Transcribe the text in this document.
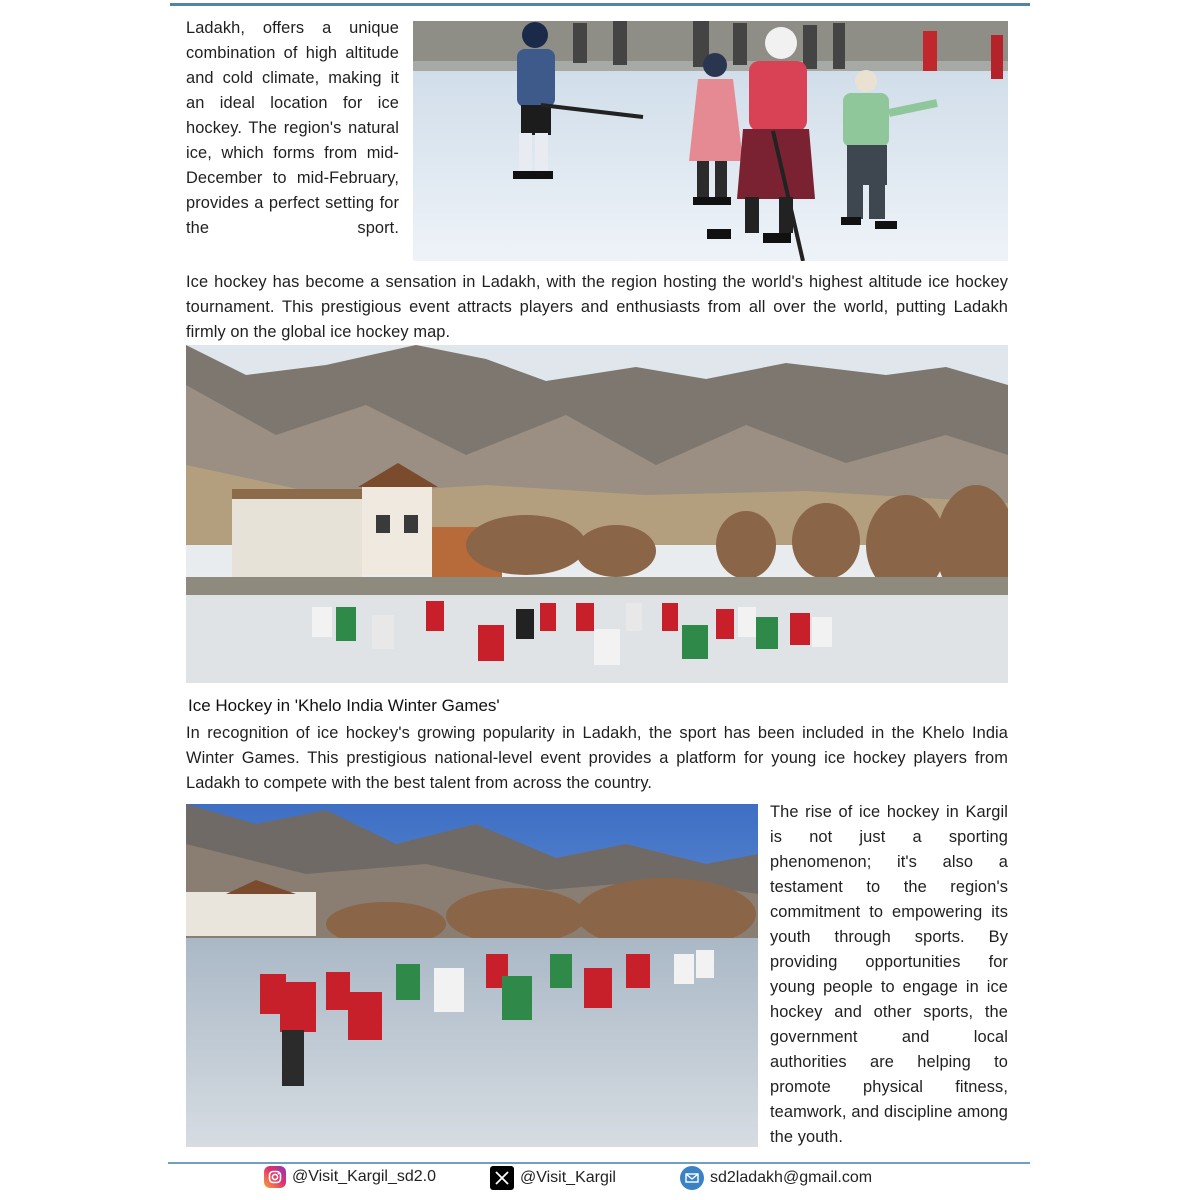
Ladakh, offers a unique combination of high altitude and cold climate, making it an ideal location for ice hockey. The region's natural ice, which forms from mid-December to mid-February, provides a perfect setting for the sport.

Ice hockey has become a sensation in Ladakh, with the region hosting the world's highest altitude ice hockey tournament. This prestigious event attracts players and enthusiasts from all over the world, putting Ladakh firmly on the global ice hockey map.

Ice Hockey in 'Khelo India Winter Games'

In recognition of ice hockey's growing popularity in Ladakh, the sport has been included in the Khelo India Winter Games. This prestigious national-level event provides a platform for young ice hockey players from Ladakh to compete with the best talent from across the country.

The rise of ice hockey in Kargil is not just a sporting phenomenon; it's also a testament to the region's commitment to empowering its youth through sports. By providing opportunities for young people to engage in ice hockey and other sports, the government and local authorities are helping to promote physical fitness, teamwork, and discipline among the youth.

@Visit_Kargil_sd2.0	@Visit_Kargil	sd2ladakh@gmail.com
